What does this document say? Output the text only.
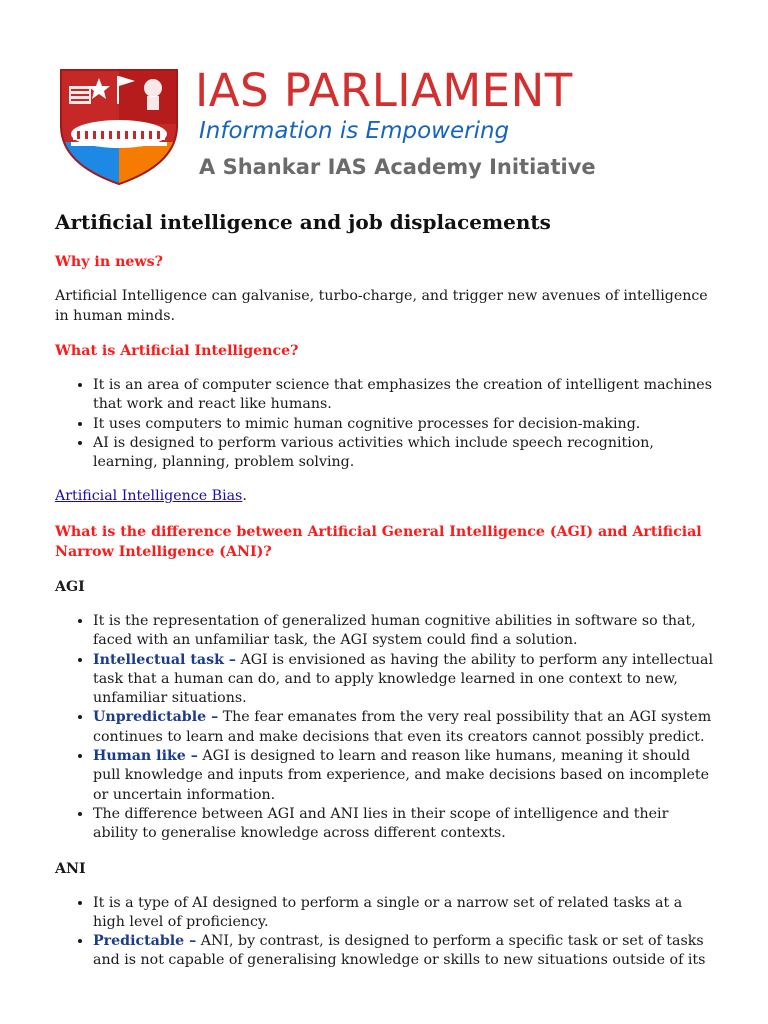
IAS PARLIAMENT
Information is Empowering
A Shankar IAS Academy Initiative
Artificial intelligence and job displacements
Why in news?

Artificial Intelligence can galvanise, turbo-charge, and trigger new avenues of intelligence in human minds.

What is Artificial Intelligence?
• It is an area of computer science that emphasizes the creation of intelligent machines that work and react like humans.
• It uses computers to mimic human cognitive processes for decision-making.
• AI is designed to perform various activities which include speech recognition, learning, planning, problem solving.

Artificial Intelligence Bias.

What is the difference between Artificial General Intelligence (AGI) and Artificial Narrow Intelligence (ANI)?
AGI
• It is the representation of generalized human cognitive abilities in software so that, faced with an unfamiliar task, the AGI system could find a solution.
• Intellectual task – AGI is envisioned as having the ability to perform any intellectual task that a human can do, and to apply knowledge learned in one context to new, unfamiliar situations.
• Unpredictable – The fear emanates from the very real possibility that an AGI system continues to learn and make decisions that even its creators cannot possibly predict.
• Human like – AGI is designed to learn and reason like humans, meaning it should pull knowledge and inputs from experience, and make decisions based on incomplete or uncertain information.
• The difference between AGI and ANI lies in their scope of intelligence and their ability to generalise knowledge across different contexts.
ANI
• It is a type of AI designed to perform a single or a narrow set of related tasks at a high level of proficiency.
• Predictable – ANI, by contrast, is designed to perform a specific task or set of tasks and is not capable of generalising knowledge or skills to new situations outside of its
